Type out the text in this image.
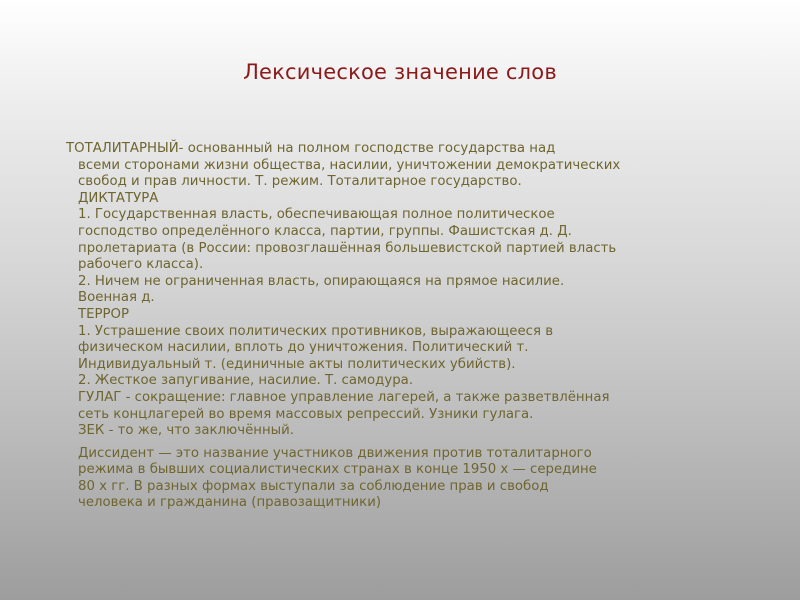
Лексическое значение слов
ТОТАЛИТАРНЫЙ- основанный на полном господстве государства над
всеми сторонами жизни общества, насилии, уничтожении демократических
свобод и прав личности. Т. режим. Тоталитарное государство.
ДИКТАТУРА
1. Государственная власть, обеспечивающая полное политическое
господство определённого класса, партии, группы. Фашистская д. Д.
пролетариата (в России: провозглашённая большевистской партией власть
рабочего класса).
2. Ничем не ограниченная власть, опирающаяся на прямое насилие.
Военная д.
ТЕРРОР
1. Устрашение своих политических противников, выражающееся в
физическом насилии, вплоть до уничтожения. Политический т.
Индивидуальный т. (единичные акты политических убийств).
2. Жесткое запугивание, насилие. Т. самодура.
ГУЛАГ - сокращение: главное управление лагерей, а также разветвлённая
сеть концлагерей во время массовых репрессий. Узники гулага.
ЗЕК - то же, что заключённый.
Диссидент — это название участников движения против тоталитарного
режима в бывших социалистических странах в конце 1950 х — середине
80 х гг. В разных формах выступали за соблюдение прав и свобод
человека и гражданина (правозащитники)
